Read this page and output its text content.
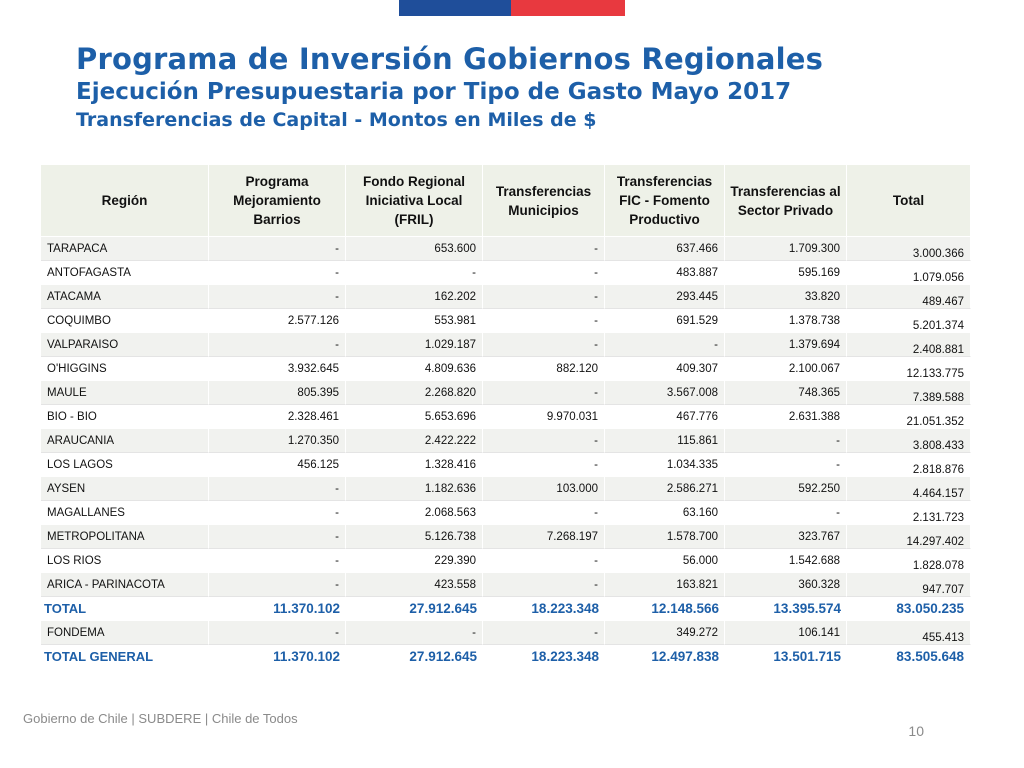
Programa de Inversión Gobiernos Regionales
Ejecución Presupuestaria por Tipo de Gasto Mayo 2017
Transferencias de Capital - Montos en Miles de $
Región	Programa Mejoramiento Barrios	Fondo Regional Iniciativa Local (FRIL)	Transferencias Municipios	Transferencias FIC - Fomento Productivo	Transferencias al Sector Privado	Total
TARAPACA	-	653.600	-	637.466	1.709.300	3.000.366
ANTOFAGASTA	-	-	-	483.887	595.169	1.079.056
ATACAMA	-	162.202	-	293.445	33.820	489.467
COQUIMBO	2.577.126	553.981	-	691.529	1.378.738	5.201.374
VALPARAISO	-	1.029.187	-	-	1.379.694	2.408.881
O'HIGGINS	3.932.645	4.809.636	882.120	409.307	2.100.067	12.133.775
MAULE	805.395	2.268.820	-	3.567.008	748.365	7.389.588
BIO - BIO	2.328.461	5.653.696	9.970.031	467.776	2.631.388	21.051.352
ARAUCANIA	1.270.350	2.422.222	-	115.861	-	3.808.433
LOS LAGOS	456.125	1.328.416	-	1.034.335	-	2.818.876
AYSEN	-	1.182.636	103.000	2.586.271	592.250	4.464.157
MAGALLANES	-	2.068.563	-	63.160	-	2.131.723
METROPOLITANA	-	5.126.738	7.268.197	1.578.700	323.767	14.297.402
LOS RIOS	-	229.390	-	56.000	1.542.688	1.828.078
ARICA - PARINACOTA	-	423.558	-	163.821	360.328	947.707
TOTAL	11.370.102	27.912.645	18.223.348	12.148.566	13.395.574	83.050.235
FONDEMA	-	-	-	349.272	106.141	455.413
TOTAL GENERAL	11.370.102	27.912.645	18.223.348	12.497.838	13.501.715	83.505.648
Gobierno de Chile | SUBDERE | Chile de Todos
10
